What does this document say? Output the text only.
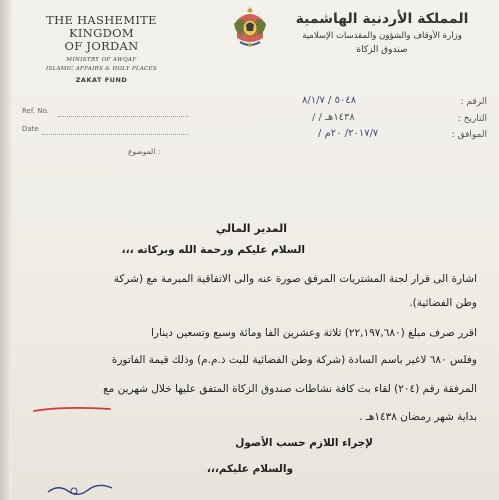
THE HASHEMITE KINGDOM
OF JORDAN
MINISTRY OF AWQAF
ISLAMIC AFFAIRS & HOLY PLACES
ZAKAT FUND
Ref. No.
Date
المملكة الأردنية الهاشمية
وزارة الأوقاف والشؤون والمقدسات الإسلامية
صندوق الزكاة
الرقم :
٥٠٤٨ / ٨/١/٧
التاريخ :
/ / ١٤٣٨هـ
الموافق :
/ ٢٠١٧/٧/ ٢٠م
الموضوع :
المدير المالي
السلام عليكم ورحمة الله وبركاته ،،،
اشارة الى قرار لجنة المشتريات المرفق صورة عنه والى الاتفاقية المبرمة مع (شركة
وطن الفضائية).
اقرر صرف مبلغ (٢٢,١٩٧,٦٨٠) ثلاثة وعشرين الفا ومائة وسبع وتسعين دينارا
وفلس ٦٨٠ لاغير باسم السادة (شركة وطن الفضائية للبث ذ.م.م) وذلك قيمة الفاتورة
المرفقة رقم (٢٠٤) لقاء بث كافة نشاطات صندوق الزكاة المتفق عليها خلال شهرين مع
بداية شهر رمضان ١٤٣٨هـ .
لإجراء اللازم حسب الأصول
والسلام عليكم،،،
